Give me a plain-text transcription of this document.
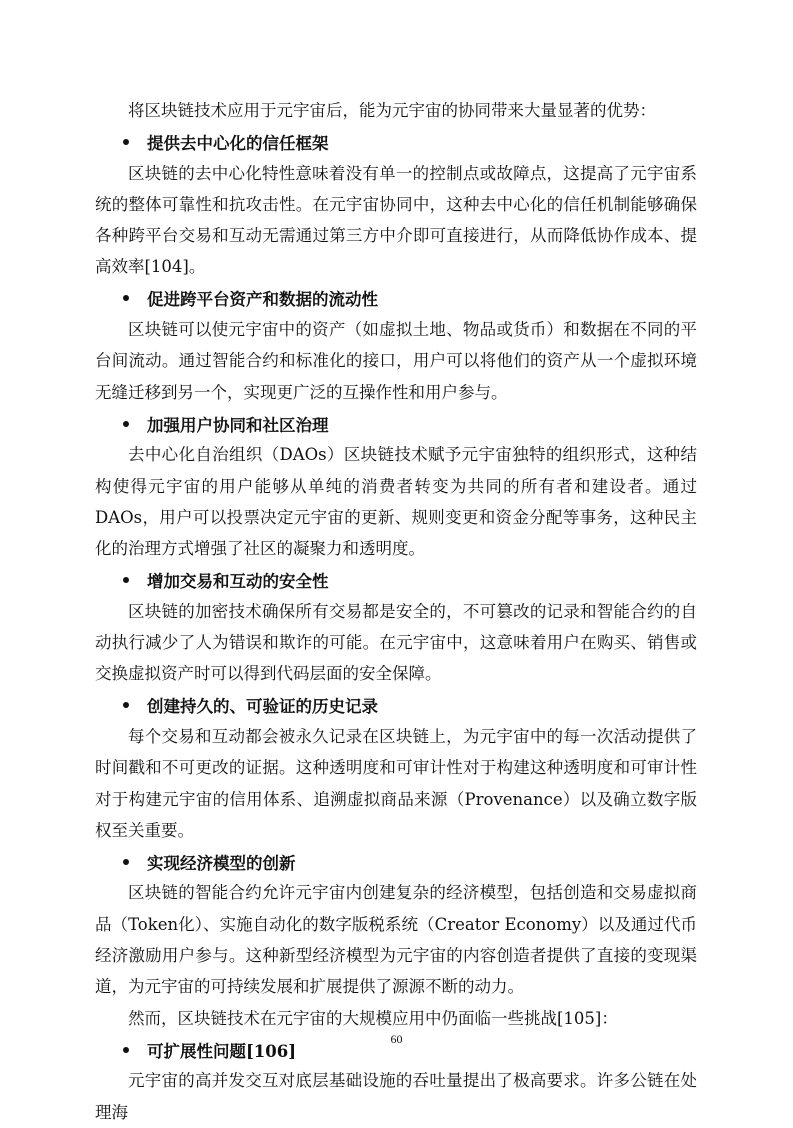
将区块链技术应用于元宇宙后，能为元宇宙的协同带来大量显著的优势：

提供去中心化的信任框架

区块链的去中心化特性意味着没有单一的控制点或故障点，这提高了元宇宙系统的整体可靠性和抗攻击性。在元宇宙协同中，这种去中心化的信任机制能够确保各种跨平台交易和互动无需通过第三方中介即可直接进行，从而降低协作成本、提高效率[104]。

促进跨平台资产和数据的流动性

区块链可以使元宇宙中的资产（如虚拟土地、物品或货币）和数据在不同的平台间流动。通过智能合约和标准化的接口，用户可以将他们的资产从一个虚拟环境无缝迁移到另一个，实现更广泛的互操作性和用户参与。

加强用户协同和社区治理

去中心化自治组织（DAOs）区块链技术赋予元宇宙独特的组织形式，这种结构使得元宇宙的用户能够从单纯的消费者转变为共同的所有者和建设者。通过DAOs，用户可以投票决定元宇宙的更新、规则变更和资金分配等事务，这种民主化的治理方式增强了社区的凝聚力和透明度。

增加交易和互动的安全性

区块链的加密技术确保所有交易都是安全的，不可篡改的记录和智能合约的自动执行减少了人为错误和欺诈的可能。在元宇宙中，这意味着用户在购买、销售或交换虚拟资产时可以得到代码层面的安全保障。

创建持久的、可验证的历史记录

每个交易和互动都会被永久记录在区块链上，为元宇宙中的每一次活动提供了时间戳和不可更改的证据。这种透明度和可审计性对于构建这种透明度和可审计性对于构建元宇宙的信用体系、追溯虚拟商品来源（Provenance）以及确立数字版权至关重要。

实现经济模型的创新

区块链的智能合约允许元宇宙内创建复杂的经济模型，包括创造和交易虚拟商品（Token化）、实施自动化的数字版税系统（Creator Economy）以及通过代币经济激励用户参与。这种新型经济模型为元宇宙的内容创造者提供了直接的变现渠道，为元宇宙的可持续发展和扩展提供了源源不断的动力。

然而，区块链技术在元宇宙的大规模应用中仍面临一些挑战[105]：

可扩展性问题[106]

元宇宙的高并发交互对底层基础设施的吞吐量提出了极高要求。许多公链在处理海

60
